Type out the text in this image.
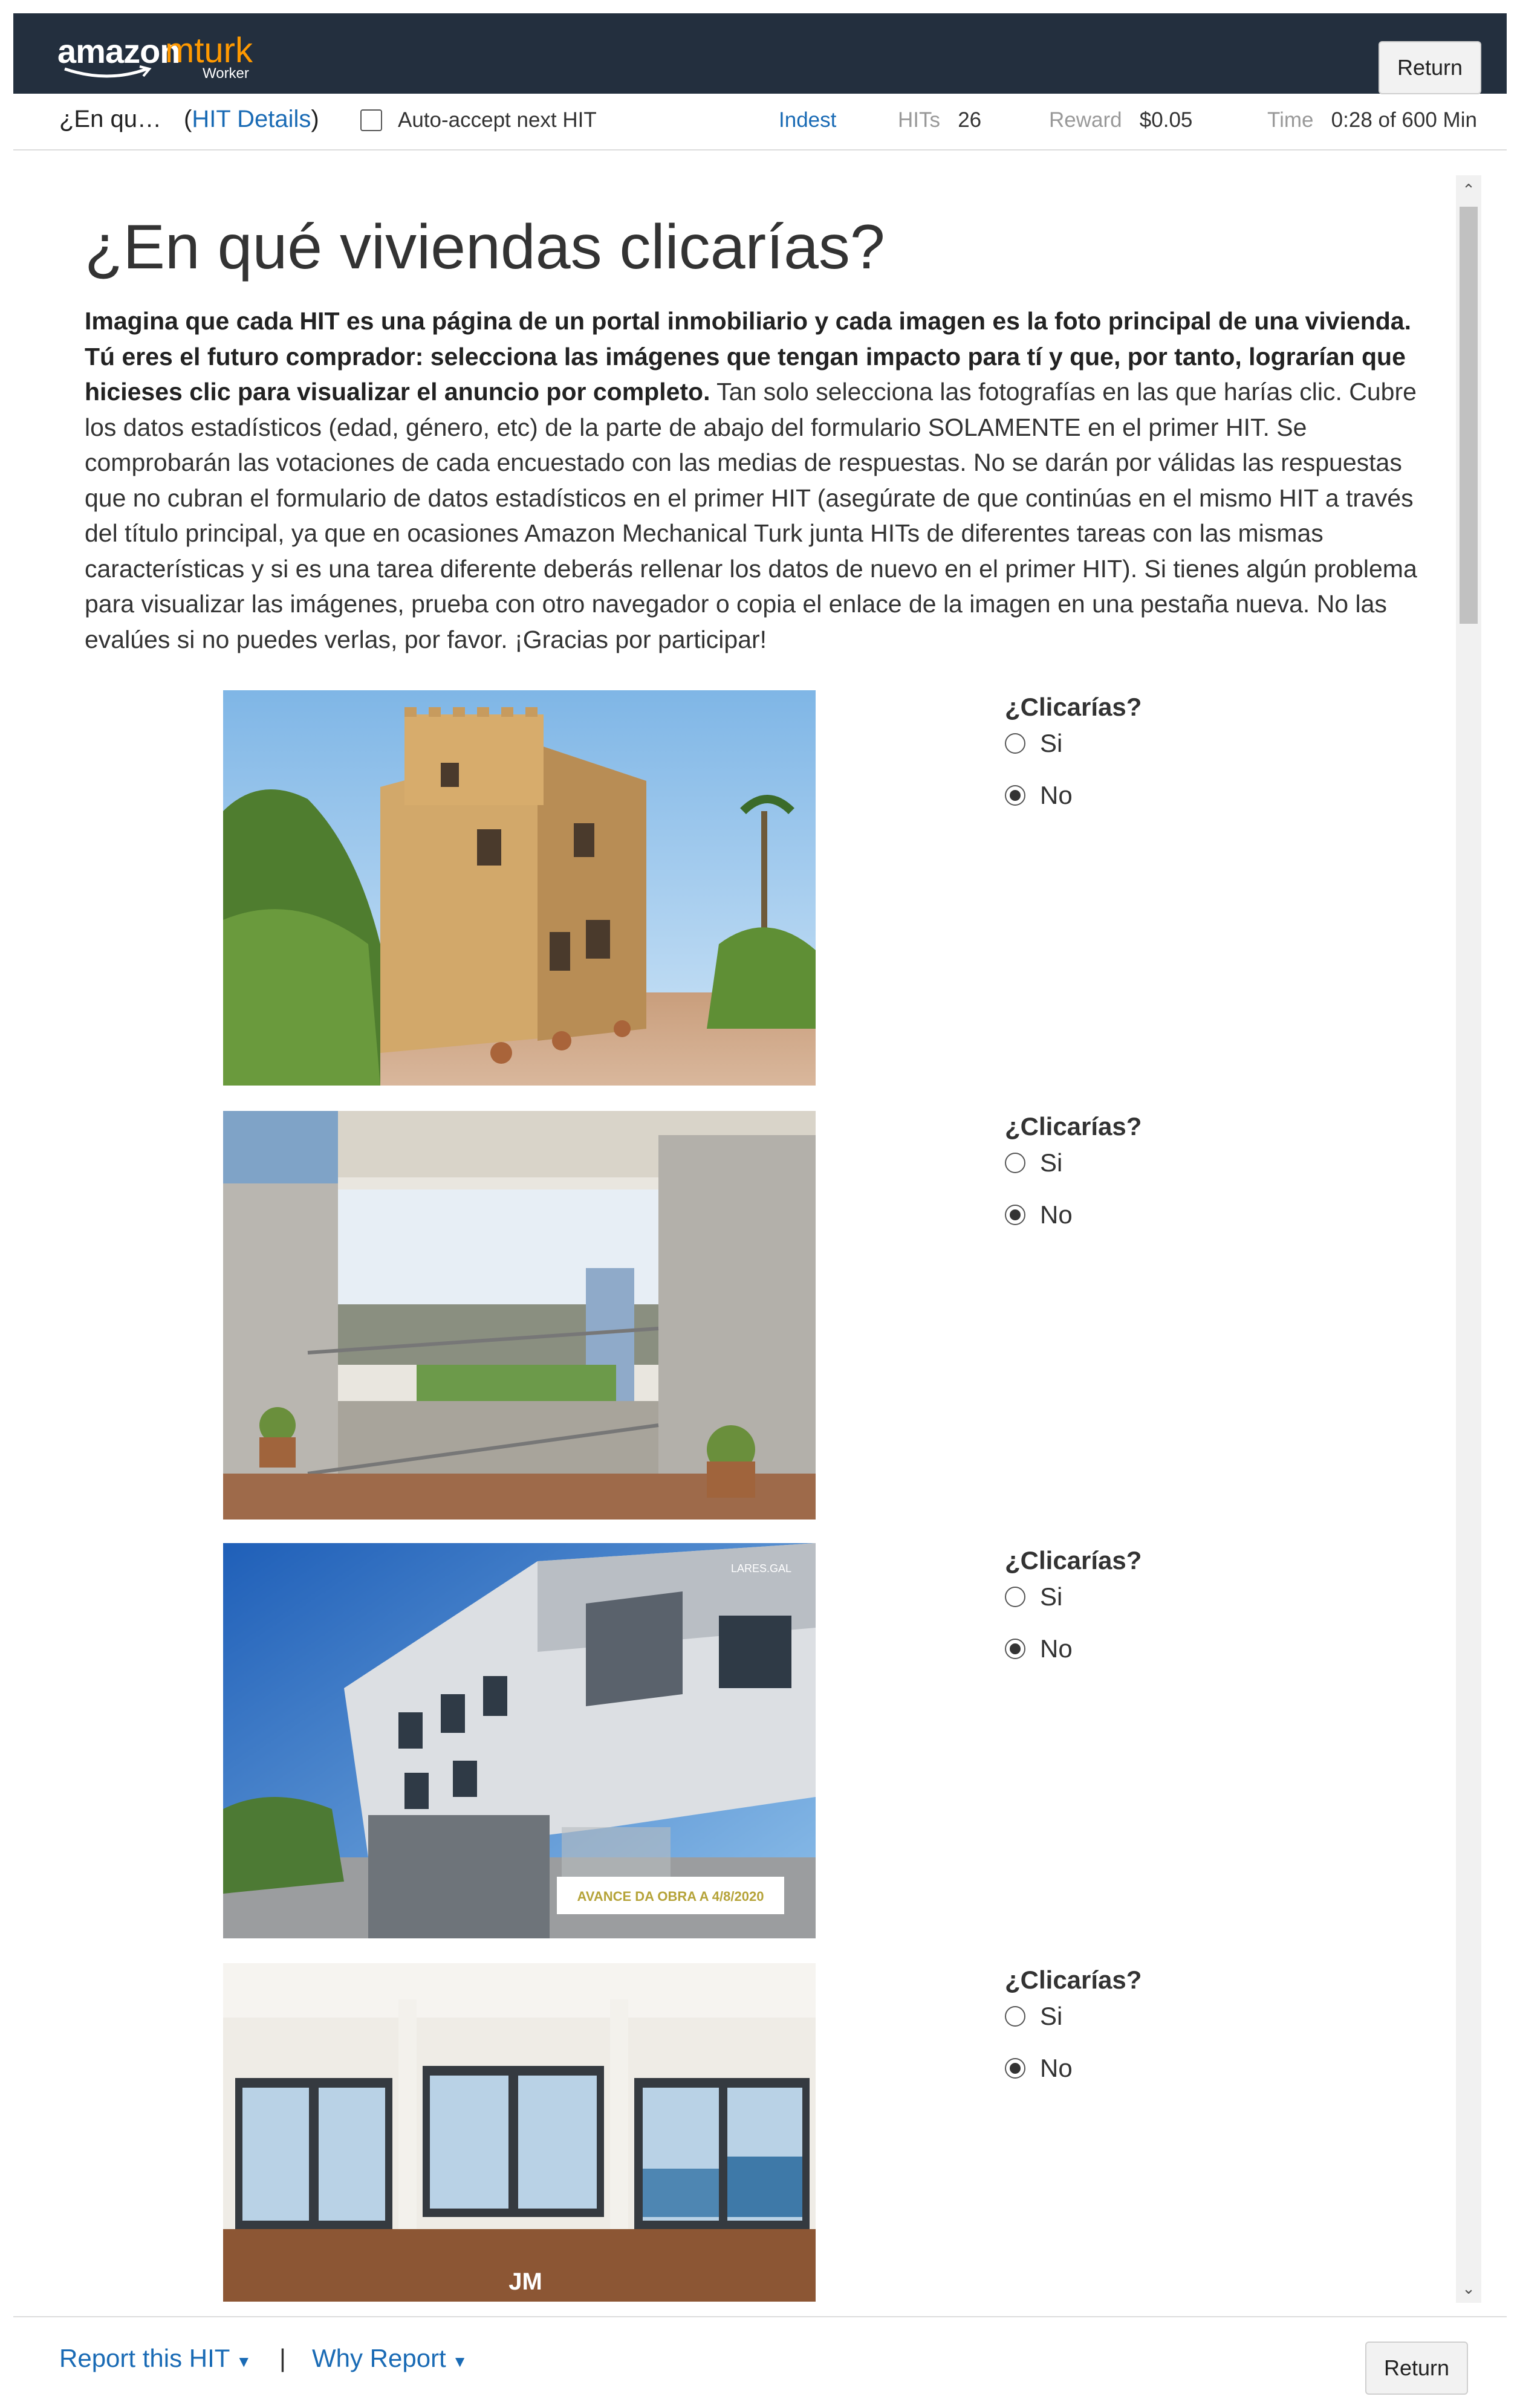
amazon
mturk
Worker	Return
¿En qu… (HIT Details)	Auto-accept next HIT	Indest	HITs 26	Reward $0.05	Time 0:28 of 600 Min
¿En qué viviendas clicarías?

Imagina que cada HIT es una página de un portal inmobiliario y cada imagen es la foto principal de una vivienda. Tú eres el futuro comprador: selecciona las imágenes que tengan impacto para tí y que, por tanto, lograrían que hicieses clic para visualizar el anuncio por completo. Tan solo selecciona las fotografías en las que harías clic. Cubre los datos estadísticos (edad, género, etc) de la parte de abajo del formulario SOLAMENTE en el primer HIT. Se comprobarán las votaciones de cada encuestado con las medias de respuestas. No se darán por válidas las respuestas que no cubran el formulario de datos estadísticos en el primer HIT (asegúrate de que continúas en el mismo HIT a través del título principal, ya que en ocasiones Amazon Mechanical Turk junta HITs de diferentes tareas con las mismas características y si es una tarea diferente deberás rellenar los datos de nuevo en el primer HIT). Si tienes algún problema para visualizar las imágenes, prueba con otro navegador o copia el enlace de la imagen en una pestaña nueva. No las evalúes si no puedes verlas, por favor. ¡Gracias por participar!

¿Clicarías?
Si
No
¿Clicarías?
Si
No
LARES.GAL
AVANCE DA OBRA A 4/8/2020
¿Clicarías?
Si
No
JM
¿Clicarías?
Si
No
⌃
⌄
Report this HIT ▼ | Why Report ▼	Return
